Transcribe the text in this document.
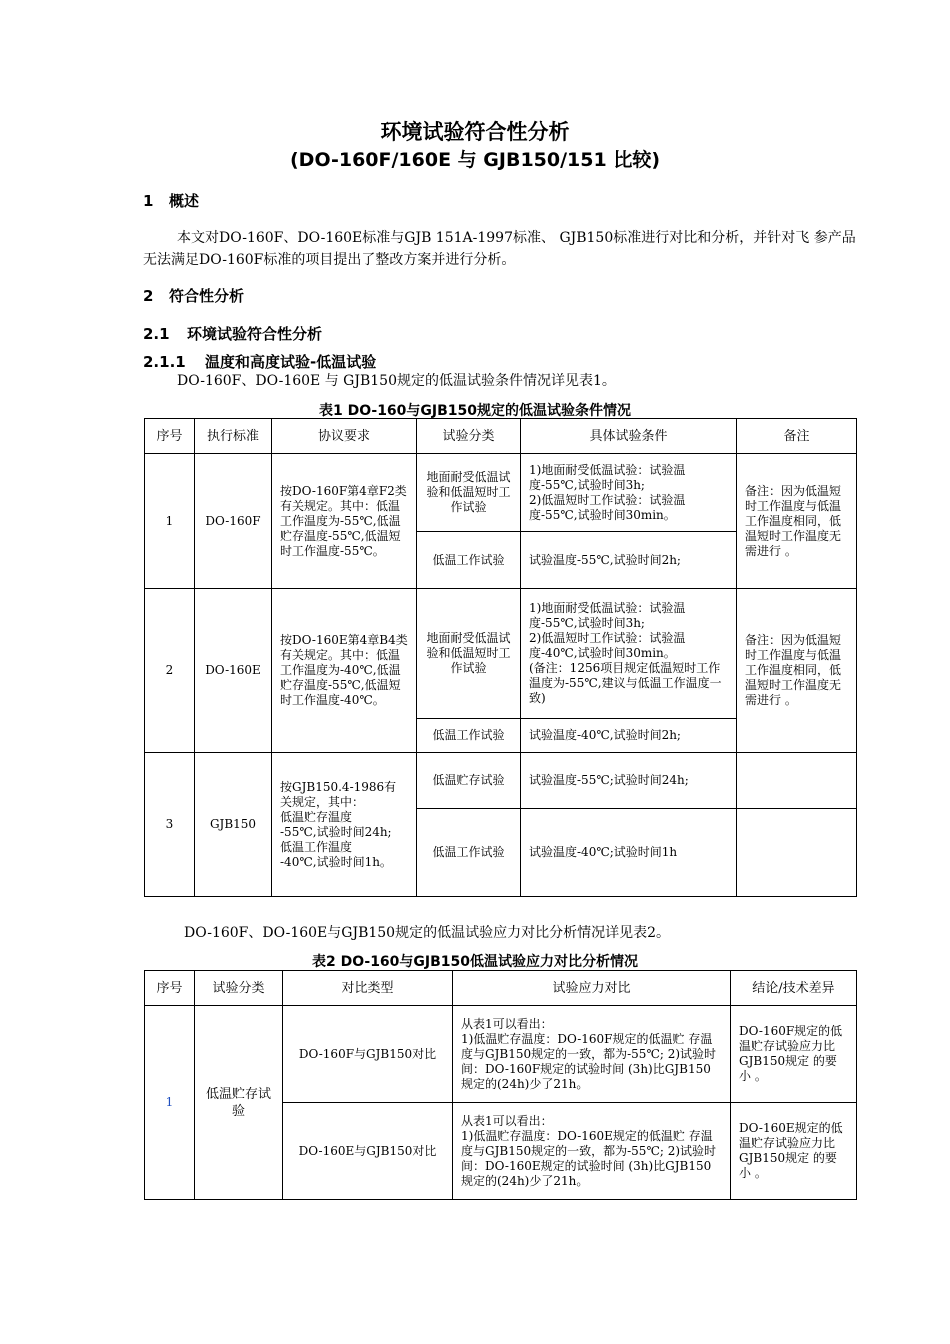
环境试验符合性分析
(DO-160F/160E 与 GJB150/151 比较)
1 概述
本文对DO-160F、DO-160E标准与GJB 151A-1997标准、 GJB150标准进行对比和分析，并针对飞 参产品无法满足DO-160F标准的项目提出了整改方案并进行分析。
2 符合性分析
2.1 环境试验符合性分析
2.1.1 温度和高度试验-低温试验
DO-160F、DO-160E 与 GJB150规定的低温试验条件情况详见表1。
表1 DO-160与GJB150规定的低温试验条件情况
序号	执行标准	协议要求	试验分类	具体试验条件	备注
1	DO-160F	按DO-160F第4章F2类有关规定。其中：低温工作温度为-55℃,低温贮存温度-55℃,低温短时工作温度-55℃。	地面耐受低温试验和低温短时工作试验	1)地面耐受低温试验：试验温度-55℃,试验时间3h;
2)低温短时工作试验：试验温度-55℃,试验时间30min。	备注：因为低温短时工作温度与低温工作温度相同，低温短时工作温度无需进行 。
			低温工作试验	试验温度-55℃,试验时间2h;	
2	DO-160E	按DO-160E第4章B4类有关规定。其中：低温工作温度为-40℃,低温贮存温度-55℃,低温短时工作温度-40℃。	地面耐受低温试验和低温短时工作试验	1)地面耐受低温试验：试验温度-55℃,试验时间3h;
2)低温短时工作试验：试验温度-40℃,试验时间30min。
(备注：1256项目规定低温短时工作温度为-55℃,建议与低温工作温度一致)	备注：因为低温短时工作温度与低温工作温度相同，低温短时工作温度无需进行 。
			低温工作试验	试验温度-40℃,试验时间2h;	
3	GJB150	按GJB150.4-1986有 关规定，其中：
低温贮存温度
-55℃,试验时间24h;
低温工作温度
-40℃,试验时间1h。	低温贮存试验	试验温度-55℃;试验时间24h;	
			低温工作试验	试验温度-40℃;试验时间1h	
DO-160F、DO-160E与GJB150规定的低温试验应力对比分析情况详见表2。
表2 DO-160与GJB150低温试验应力对比分析情况
序号	试验分类	对比类型	试验应力对比	结论/技术差异
1	低温贮存试验	DO-160F与GJB150对比	从表1可以看出：
1)低温贮存温度：DO-160F规定的低温贮 存温度与GJB150规定的一致，都为-55℃; 2)试验时间：DO-160F规定的试验时间 (3h)比GJB150规定的(24h)少了21h。	DO-160F规定的低温贮存试验应力比GJB150规定 的要小 。
		DO-160E与GJB150对比	从表1可以看出：
1)低温贮存温度：DO-160E规定的低温贮 存温度与GJB150规定的一致，都为-55℃; 2)试验时间：DO-160E规定的试验时间 (3h)比GJB150规定的(24h)少了21h。	DO-160E规定的低温贮存试验应力比GJB150规定 的要小 。
